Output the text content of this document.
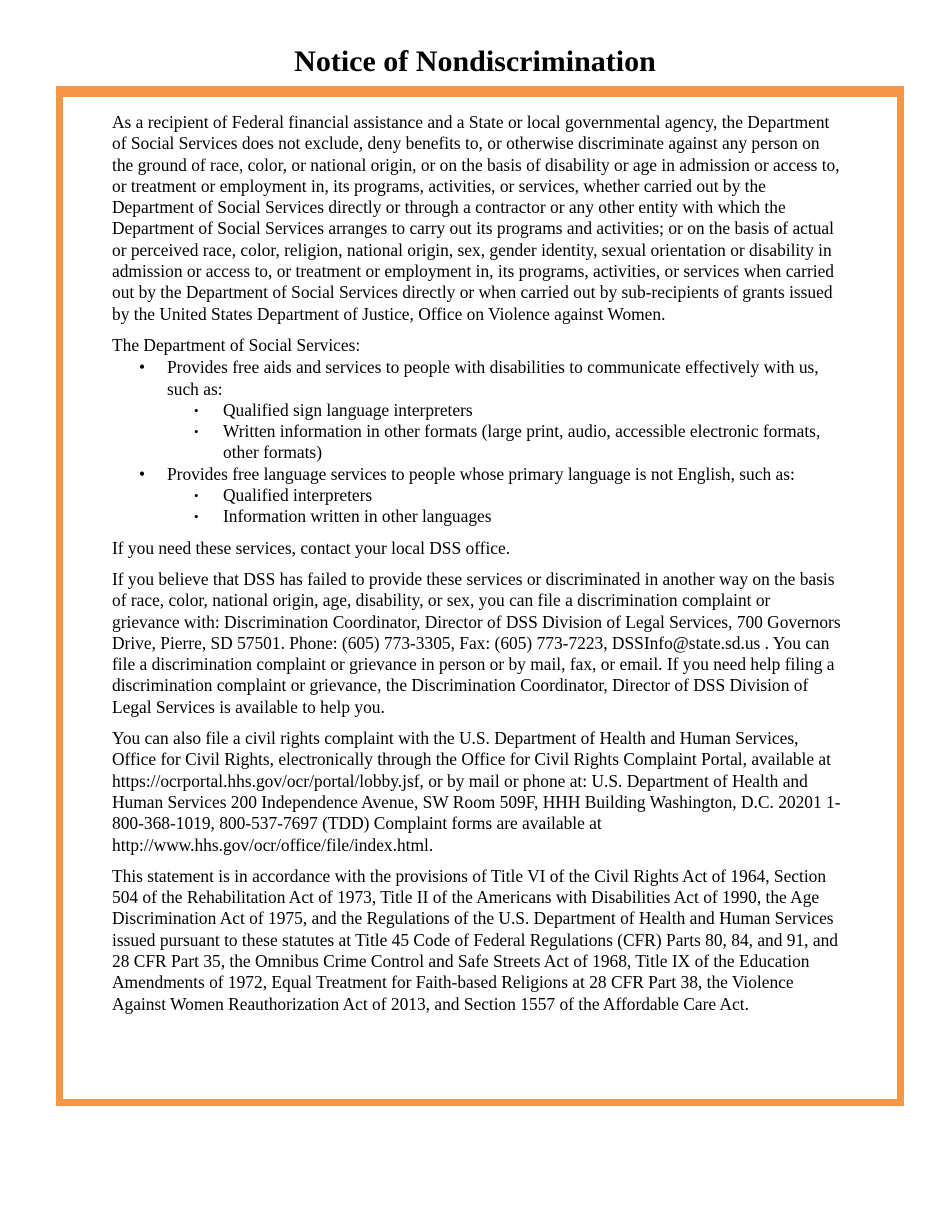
Notice of Nondiscrimination

As a recipient of Federal financial assistance and a State or local governmental agency, the Department of Social Services does not exclude, deny benefits to, or otherwise discriminate against any person on the ground of race, color, or national origin, or on the basis of disability or age in admission or access to, or treatment or employment in, its programs, activities, or services, whether carried out by the Department of Social Services directly or through a contractor or any other entity with which the Department of Social Services arranges to carry out its programs and activities; or on the basis of actual or perceived race, color, religion, national origin, sex, gender identity, sexual orientation or disability in admission or access to, or treatment or employment in, its programs, activities, or services when carried out by the Department of Social Services directly or when carried out by sub-recipients of grants issued by the United States Department of Justice, Office on Violence against Women.

The Department of Social Services:

• Provides free aids and services to people with disabilities to communicate effectively with us, such as:
• Qualified sign language interpreters
• Written information in other formats (large print, audio, accessible electronic formats, other formats)
• Provides free language services to people whose primary language is not English, such as:
• Qualified interpreters
• Information written in other languages

If you need these services, contact your local DSS office.

If you believe that DSS has failed to provide these services or discriminated in another way on the basis of race, color, national origin, age, disability, or sex, you can file a discrimination complaint or grievance with: Discrimination Coordinator, Director of DSS Division of Legal Services, 700 Governors Drive, Pierre, SD 57501. Phone: (605) 773-3305, Fax: (605) 773-7223, DSSInfo@state.sd.us . You can file a discrimination complaint or grievance in person or by mail, fax, or email. If you need help filing a discrimination complaint or grievance, the Discrimination Coordinator, Director of DSS Division of Legal Services is available to help you.

You can also file a civil rights complaint with the U.S. Department of Health and Human Services, Office for Civil Rights, electronically through the Office for Civil Rights Complaint Portal, available at https://ocrportal.hhs.gov/ocr/portal/lobby.jsf, or by mail or phone at: U.S. Department of Health and Human Services 200 Independence Avenue, SW Room 509F, HHH Building Washington, D.C. 20201 1-800-368-1019, 800-537-7697 (TDD) Complaint forms are available at http://www.hhs.gov/ocr/office/file/index.html.

This statement is in accordance with the provisions of Title VI of the Civil Rights Act of 1964, Section 504 of the Rehabilitation Act of 1973, Title II of the Americans with Disabilities Act of 1990, the Age Discrimination Act of 1975, and the Regulations of the U.S. Department of Health and Human Services issued pursuant to these statutes at Title 45 Code of Federal Regulations (CFR) Parts 80, 84, and 91, and 28 CFR Part 35, the Omnibus Crime Control and Safe Streets Act of 1968, Title IX of the Education Amendments of 1972, Equal Treatment for Faith-based Religions at 28 CFR Part 38, the Violence Against Women Reauthorization Act of 2013, and Section 1557 of the Affordable Care Act.
